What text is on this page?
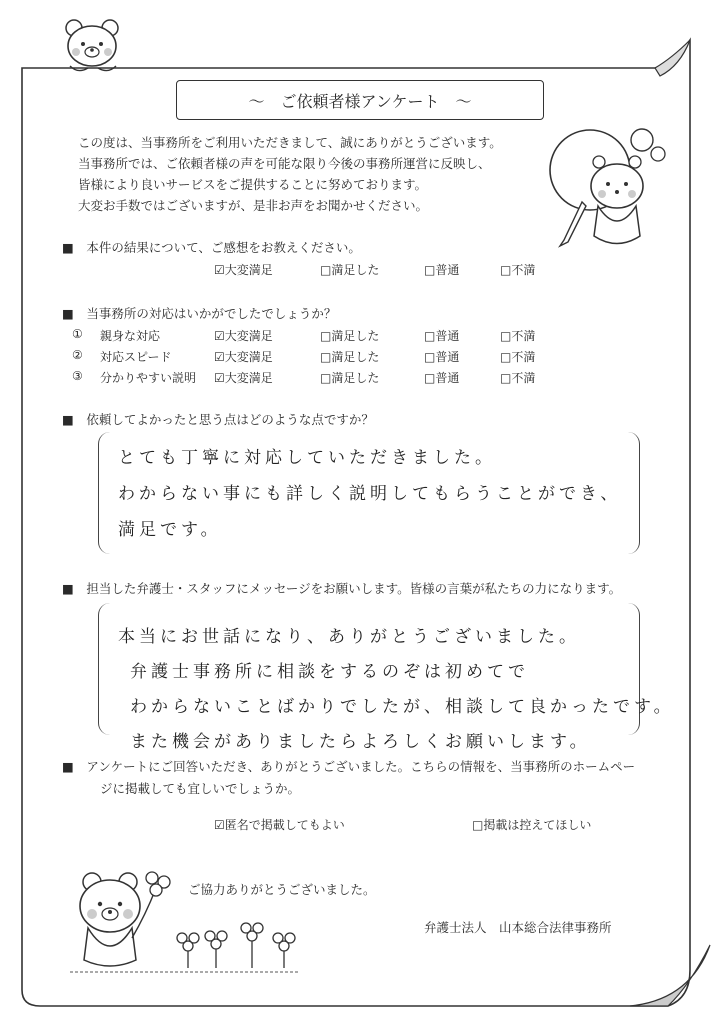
～　ご依頼者様アンケート　～
この度は、当事務所をご利用いただきまして、誠にありがとうございます。
当事務所では、ご依頼者様の声を可能な限り今後の事務所運営に反映し、
皆様により良いサービスをご提供することに努めております。
大変お手数ではございますが、是非お声をお聞かせください。
■　本件の結果について、ご感想をお教えください。
☑大変満足	□満足した	□普通	□不満
■　当事務所の対応はいかがでしたでしょうか？
① 親身な対応	☑大変満足	□満足した	□普通	□不満
② 対応スピード	☑大変満足	□満足した	□普通	□不満
③ 分かりやすい説明 ☑大変満足	□満足した	□普通	□不満
■　依頼してよかったと思う点はどのような点ですか？
とても丁寧に対応していただきました。
わからない事にも詳しく説明してもらうことができ、
満足です。
■　担当した弁護士・スタッフにメッセージをお願いします。皆様の言葉が私たちの力になります。
本当にお世話になり、ありがとうございました。
弁護士事務所に相談をするのぞは初めてで
わからないことばかりでしたが、相談して良かったです。
また機会がありましたらよろしくお願いします。
■　アンケートにご回答いただき、ありがとうございました。こちらの情報を、当事務所のホームペー
ジに掲載しても宜しいでしょうか。
☑匿名で掲載してもよい	□掲載は控えてほしい
ご協力ありがとうございました。
弁護士法人　山本総合法律事務所
